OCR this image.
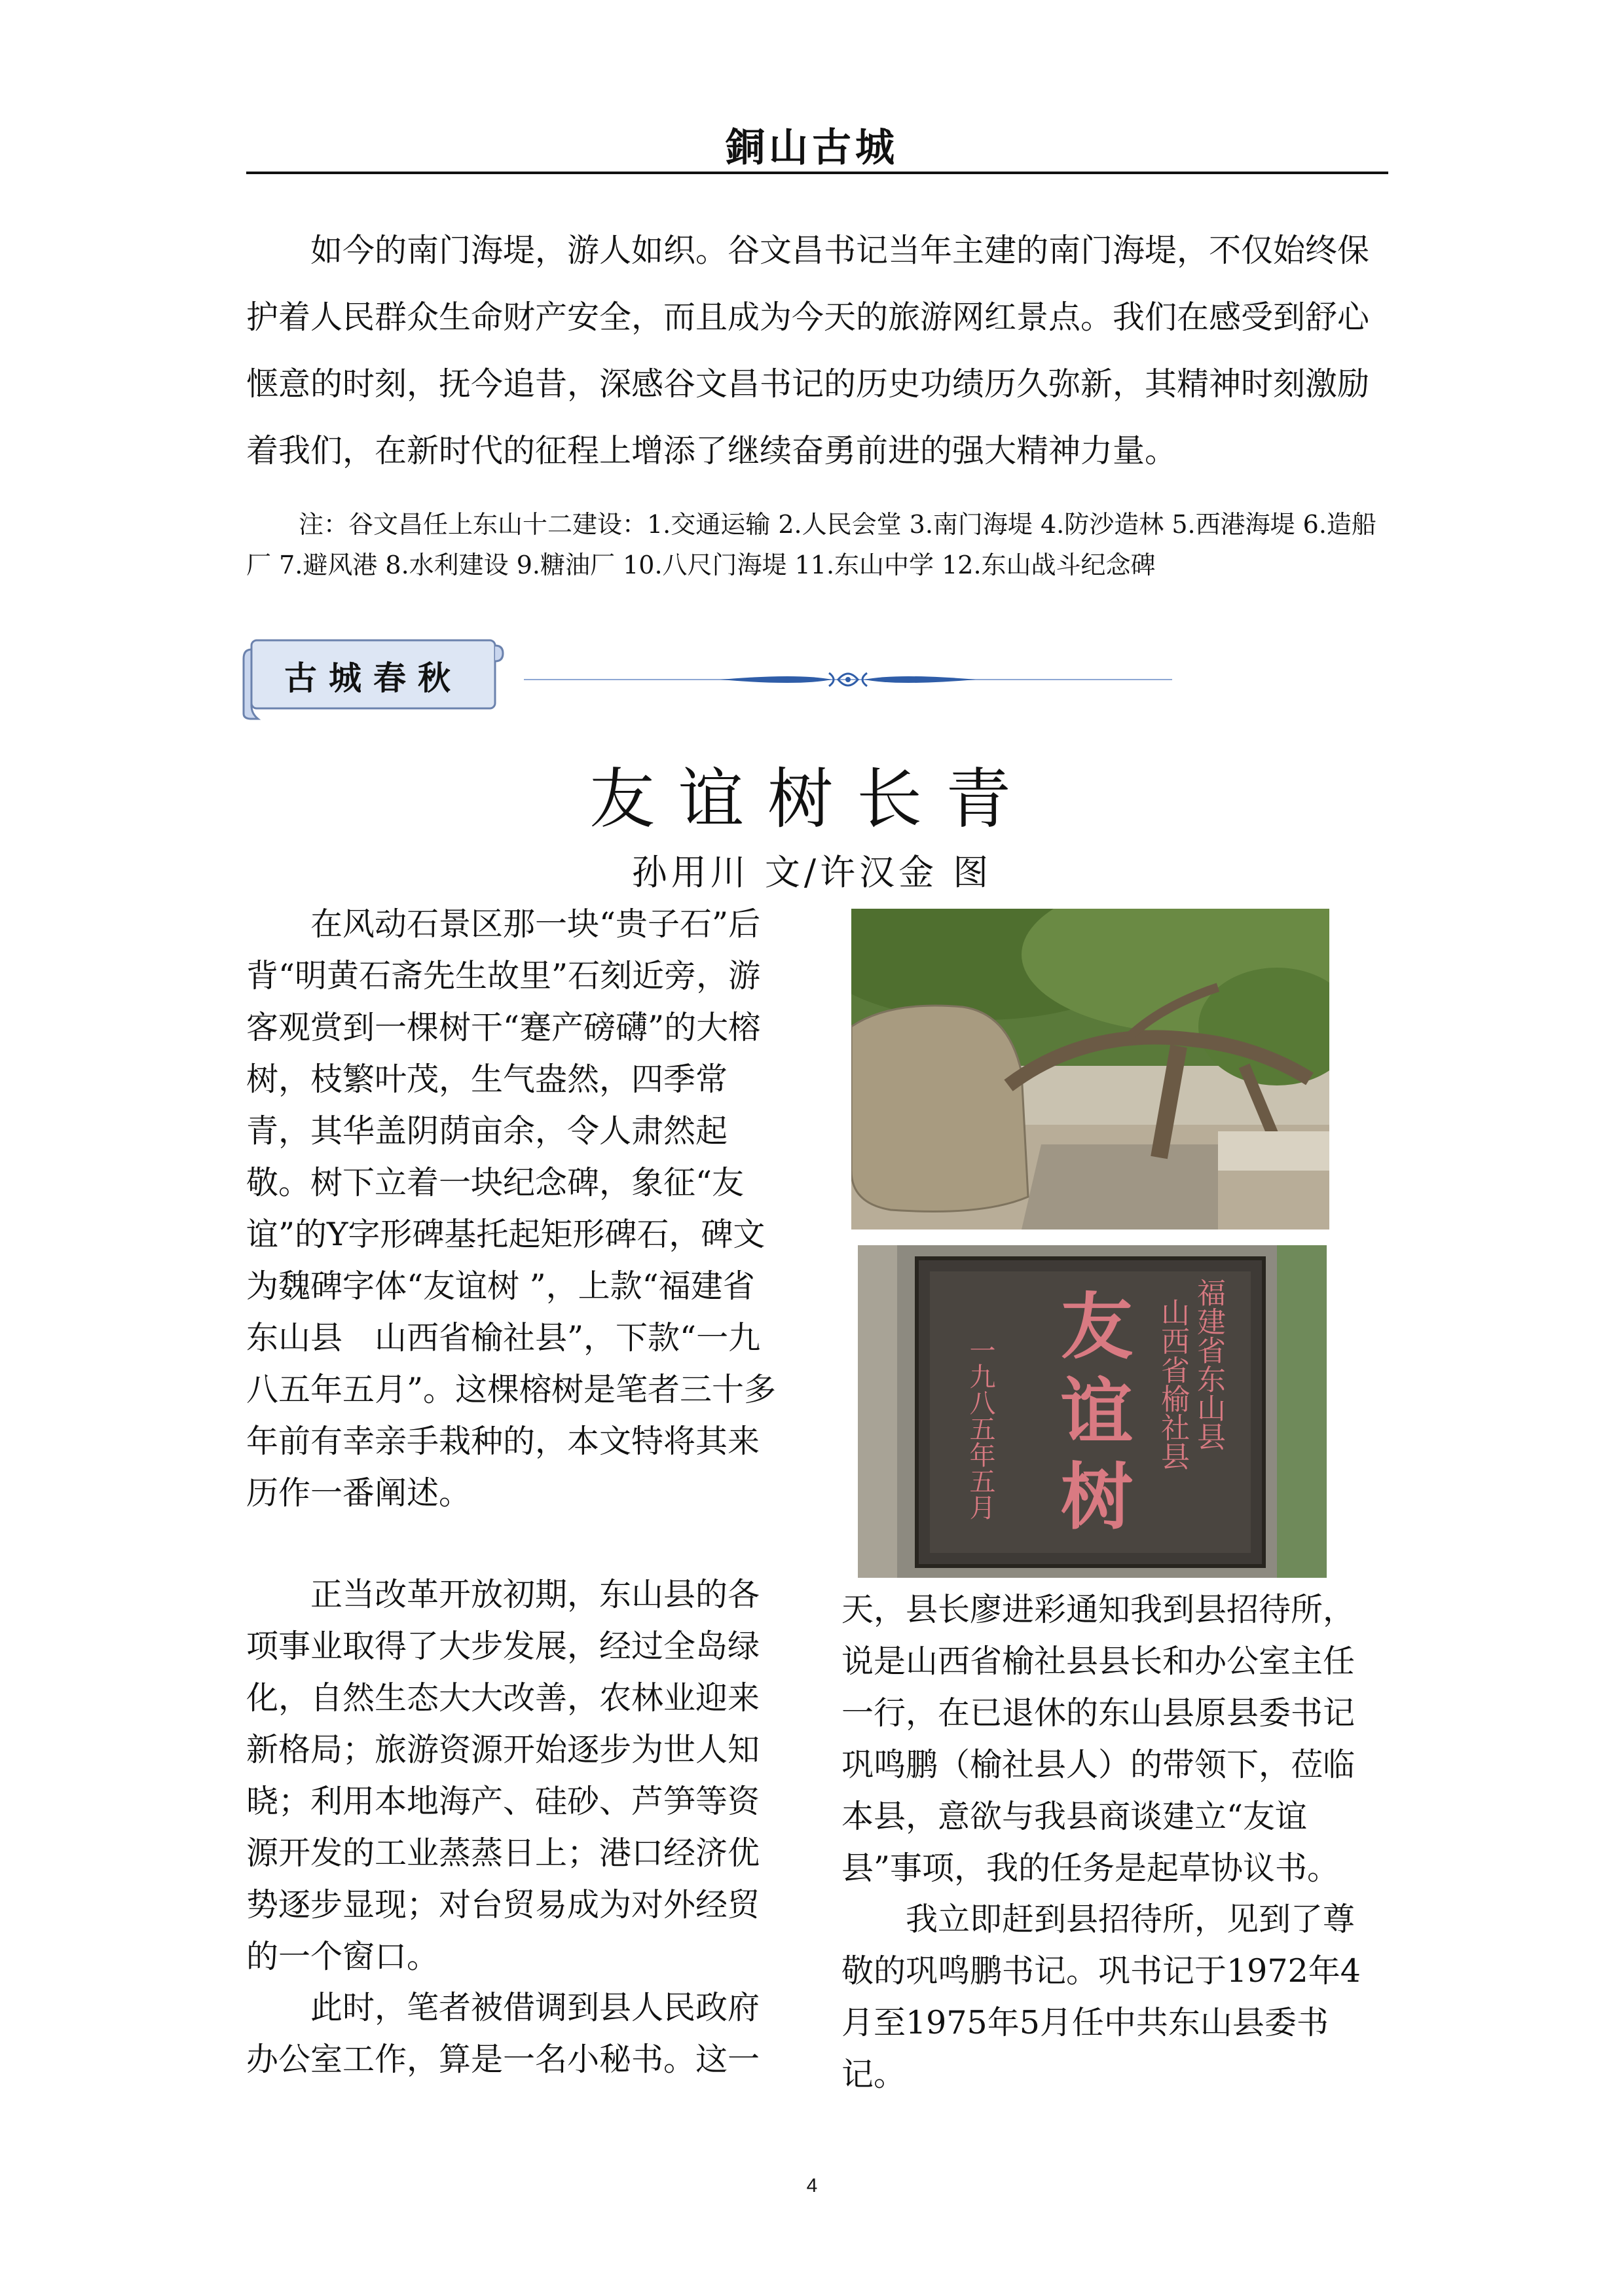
銅山古城

如今的南门海堤，游人如织。谷文昌书记当年主建的南门海堤，不仅始终保护着人民群众生命财产安全，而且成为今天的旅游网红景点。我们在感受到舒心惬意的时刻，抚今追昔，深感谷文昌书记的历史功绩历久弥新，其精神时刻激励着我们，在新时代的征程上增添了继续奋勇前进的强大精神力量。

注：谷文昌任上东山十二建设：1.交通运输 2.人民会堂 3.南门海堤 4.防沙造林 5.西港海堤 6.造船厂 7.避风港 8.水利建设 9.糖油厂 10.八尺门海堤 11.东山中学 12.东山战斗纪念碑

古城春秋
友谊树长青
孙用川 文/许汉金 图

在风动石景区那一块“贵子石”后背“明黄石斋先生故里”石刻近旁，游客观赏到一棵树干“蹇产磅礴”的大榕树，枝繁叶茂，生气盎然，四季常青，其华盖阴荫亩余，令人肃然起敬。树下立着一块纪念碑，象征“友谊”的Y字形碑基托起矩形碑石，碑文为魏碑字体“友谊树 ”，上款“福建省东山县　山西省榆社县”，下款“一九八五年五月”。这棵榕树是笔者三十多年前有幸亲手栽种的，本文特将其来历作一番阐述。

正当改革开放初期，东山县的各项事业取得了大步发展，经过全岛绿化，自然生态大大改善，农林业迎来新格局；旅游资源开始逐步为世人知晓；利用本地海产、硅砂、芦笋等资源开发的工业蒸蒸日上；港口经济优势逐步显现；对台贸易成为对外经贸的一个窗口。

此时，笔者被借调到县人民政府办公室工作，算是一名小秘书。这一

友
谊
树
福建省东山县
山西省榆社县
一九八五年五月

天，县长廖进彩通知我到县招待所，说是山西省榆社县县长和办公室主任一行，在已退休的东山县原县委书记巩鸣鹏（榆社县人）的带领下，莅临本县，意欲与我县商谈建立“友谊县”事项，我的任务是起草协议书。

我立即赶到县招待所，见到了尊敬的巩鸣鹏书记。巩书记于1972年4月至1975年5月任中共东山县委书记。

4
